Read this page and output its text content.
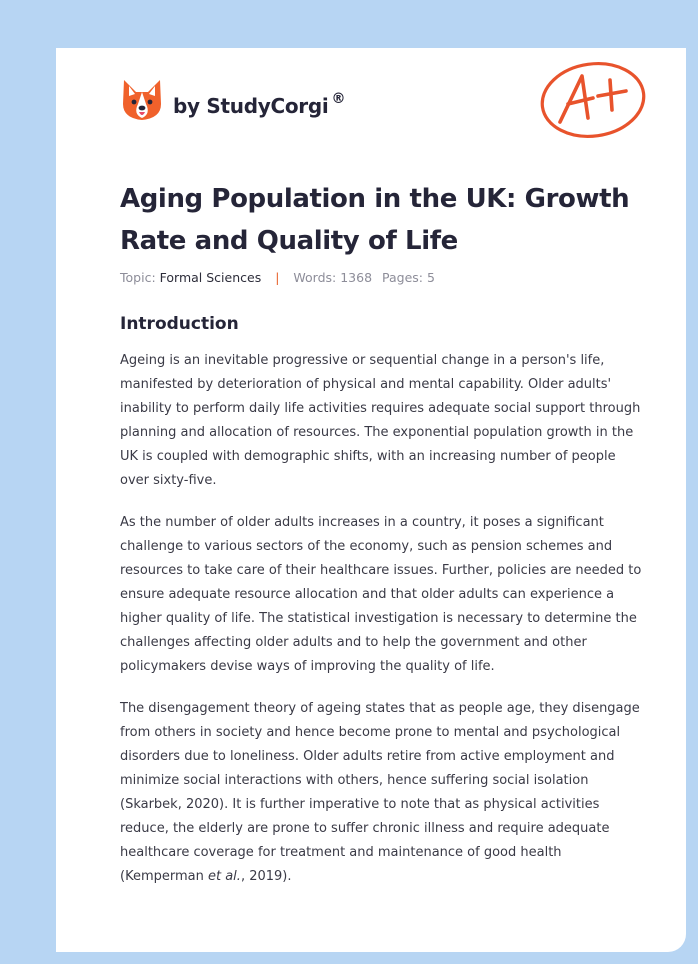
by StudyCorgi ®
Aging Population in the UK: Growth Rate and Quality of Life
Topic: Formal Sciences | Words: 1368 Pages: 5
Introduction

Ageing is an inevitable progressive or sequential change in a person's life, manifested by deterioration of physical and mental capability. Older adults' inability to perform daily life activities requires adequate social support through planning and allocation of resources. The exponential population growth in the UK is coupled with demographic shifts, with an increasing number of people over sixty-five.

As the number of older adults increases in a country, it poses a significant challenge to various sectors of the economy, such as pension schemes and resources to take care of their healthcare issues. Further, policies are needed to ensure adequate resource allocation and that older adults can experience a higher quality of life. The statistical investigation is necessary to determine the challenges affecting older adults and to help the government and other policymakers devise ways of improving the quality of life.

The disengagement theory of ageing states that as people age, they disengage from others in society and hence become prone to mental and psychological disorders due to loneliness. Older adults retire from active employment and minimize social interactions with others, hence suffering social isolation (Skarbek, 2020). It is further imperative to note that as physical activities reduce, the elderly are prone to suffer chronic illness and require adequate healthcare coverage for treatment and maintenance of good health (Kemperman et al., 2019).
